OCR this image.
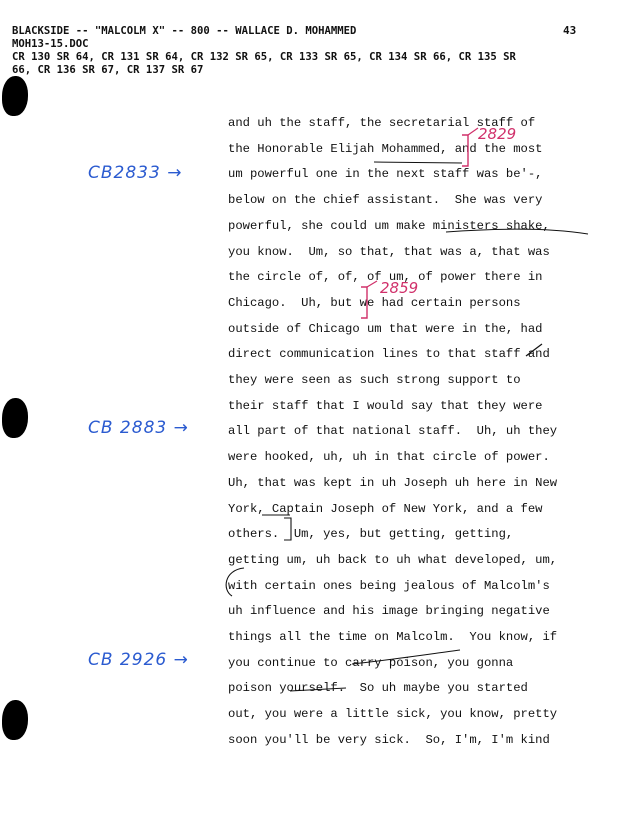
BLACKSIDE -- "MALCOLM X" -- 800 -- WALLACE D. MOHAMMED	43
MOH13-15.DOC
CR 130 SR 64, CR 131 SR 64, CR 132 SR 65, CR 133 SR 65, CR 134 SR 66, CR 135 SR
66, CR 136 SR 67, CR 137 SR 67
and uh the staff, the secretarial staff of
the Honorable Elijah Mohammed, and the most
um powerful one in the next staff was be'-,
below on the chief assistant.  She was very
powerful, she could um make ministers shake,
you know.  Um, so that, that was a, that was
the circle of, of, of um, of power there in
Chicago.  Uh, but we had certain persons
outside of Chicago um that were in the, had
direct communication lines to that staff and
they were seen as such strong support to
their staff that I would say that they were
all part of that national staff.  Uh, uh they
were hooked, uh, uh in that circle of power.
Uh, that was kept in uh Joseph uh here in New
York, Captain Joseph of New York, and a few
others.  Um, yes, but getting, getting,
getting um, uh back to uh what developed, um,
with certain ones being jealous of Malcolm's
uh influence and his image bringing negative
things all the time on Malcolm.  You know, if
you continue to carry poison, you gonna
poison yourself.  So uh maybe you started
out, you were a little sick, you know, pretty
soon you'll be very sick.  So, I'm, I'm kind
CB2833 →
CB 2883 →
CB 2926 →
2829
2859
